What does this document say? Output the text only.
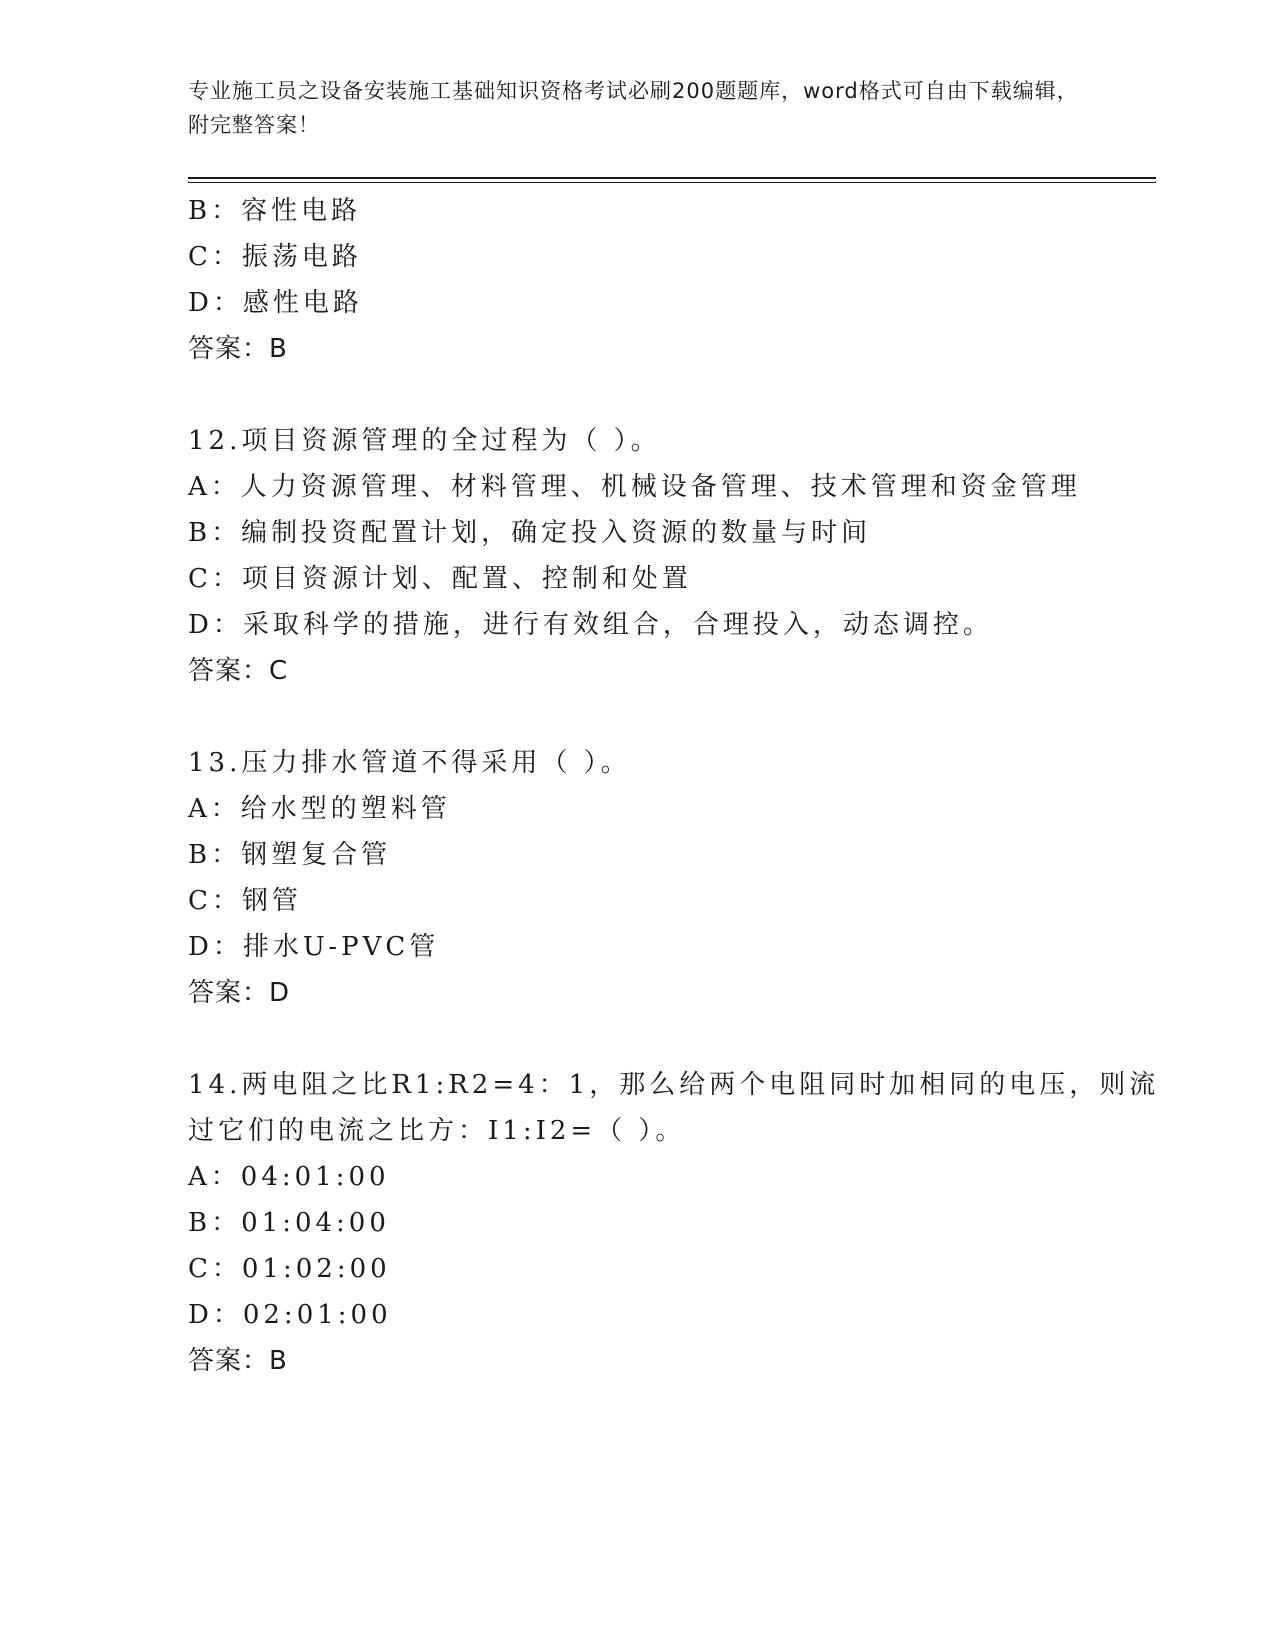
专业施工员之设备安装施工基础知识资格考试必刷200题题库，word格式可自由下载编辑，附完整答案！
B：容性电路
C：振荡电路
D：感性电路
答案：B
12.项目资源管理的全过程为（ ）。
A：人力资源管理、材料管理、机械设备管理、技术管理和资金管理
B：编制投资配置计划，确定投入资源的数量与时间
C：项目资源计划、配置、控制和处置
D：采取科学的措施，进行有效组合，合理投入，动态调控。
答案：C
13.压力排水管道不得采用（ ）。
A：给水型的塑料管
B：钢塑复合管
C：钢管
D：排水U-PVC管
答案：D
14.两电阻之比R1:R2=4：1，那么给两个电阻同时加相同的电压，则流
过它们的电流之比方：I1:I2=（ ）。
A：04:01:00
B：01:04:00
C：01:02:00
D：02:01:00
答案：B
